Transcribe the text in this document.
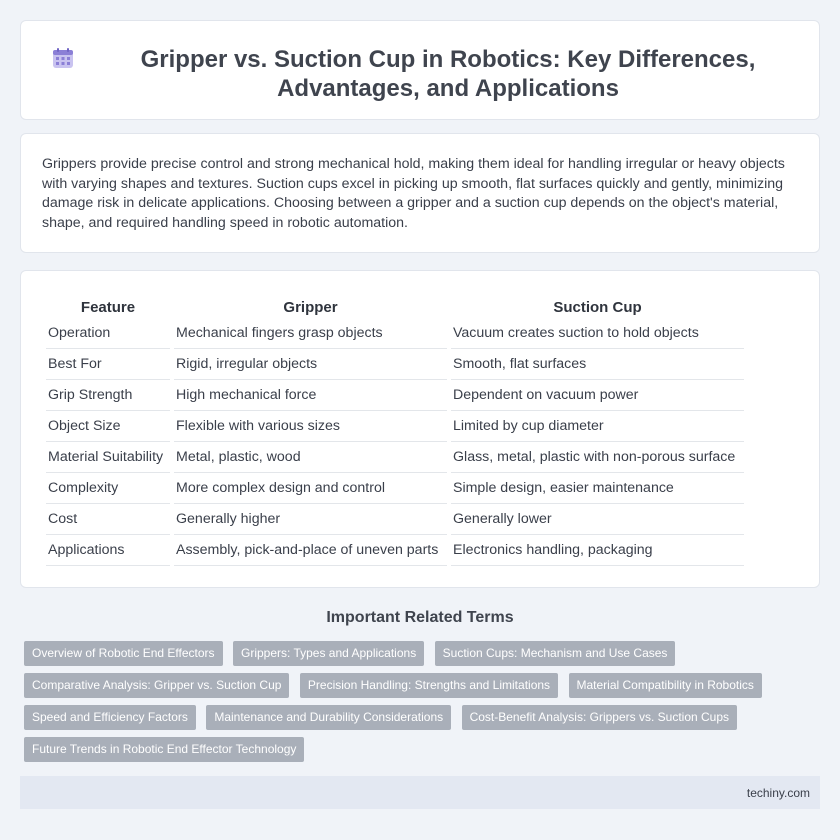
Gripper vs. Suction Cup in Robotics: Key Differences, Advantages, and Applications

Grippers provide precise control and strong mechanical hold, making them ideal for handling irregular or heavy objects with varying shapes and textures. Suction cups excel in picking up smooth, flat surfaces quickly and gently, minimizing damage risk in delicate applications. Choosing between a gripper and a suction cup depends on the object's material, shape, and required handling speed in robotic automation.

Feature	Gripper	Suction Cup
Operation	Mechanical fingers grasp objects	Vacuum creates suction to hold objects
Best For	Rigid, irregular objects	Smooth, flat surfaces
Grip Strength	High mechanical force	Dependent on vacuum power
Object Size	Flexible with various sizes	Limited by cup diameter
Material Suitability	Metal, plastic, wood	Glass, metal, plastic with non-porous surface
Complexity	More complex design and control	Simple design, easier maintenance
Cost	Generally higher	Generally lower
Applications	Assembly, pick-and-place of uneven parts	Electronics handling, packaging
Important Related Terms
Overview of Robotic End Effectors Grippers: Types and Applications Suction Cups: Mechanism and Use Cases
Comparative Analysis: Gripper vs. Suction Cup Precision Handling: Strengths and Limitations Material Compatibility in Robotics
Speed and Efficiency Factors Maintenance and Durability Considerations Cost-Benefit Analysis: Grippers vs. Suction Cups
Future Trends in Robotic End Effector Technology
techiny.com
